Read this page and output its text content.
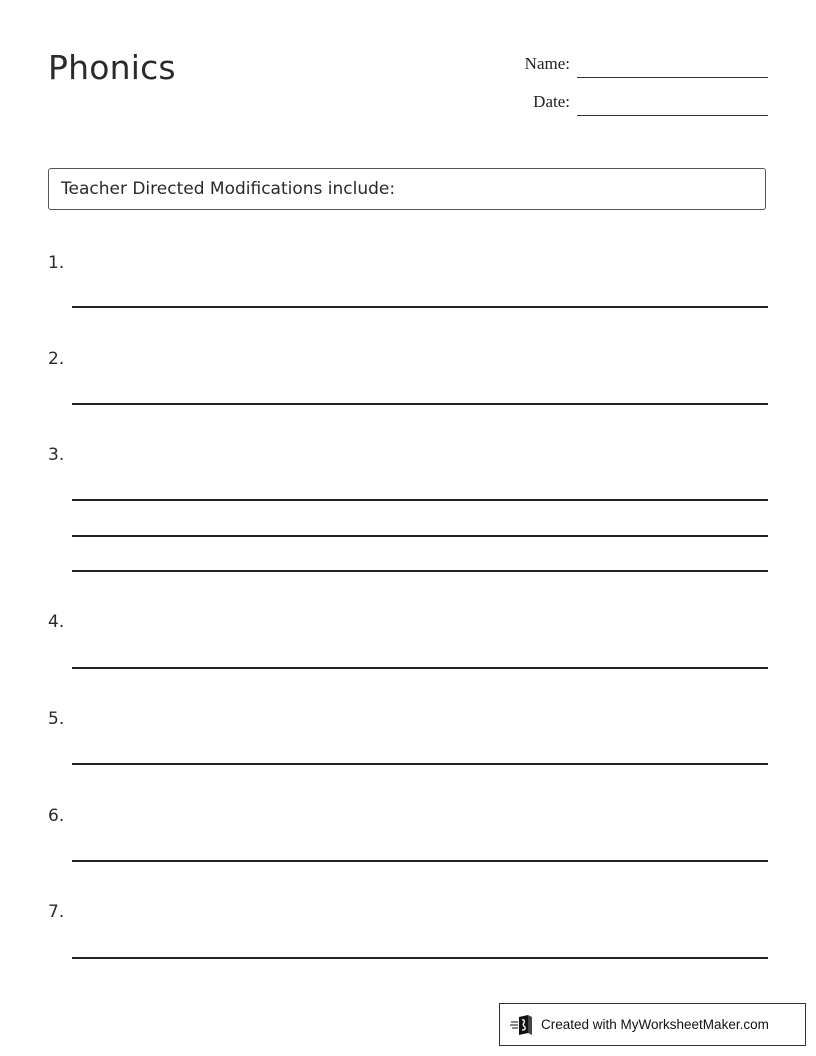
Phonics	Name:
Date:
Teacher Directed Modifications include:
1.
2.
3.
4.
5.
6.
7.
Created with MyWorksheetMaker.com
